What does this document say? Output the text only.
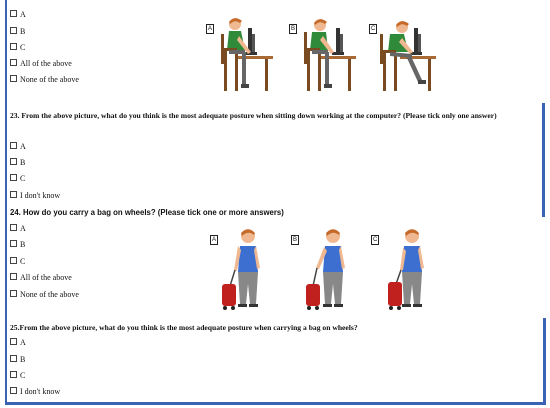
A
B
C
All of the above
None of the above
A	B	C
23. From the above picture, what do you think is the most adequate posture when sitting down working at the computer? (Please tick only one answer)
A
B
C
I don't know
24. How do you carry a bag on wheels? (Please tick one or more answers)
A
B
C
All of the above
None of the above
A	B	C
25.From the above picture, what do you think is the most adequate posture when carrying a bag on wheels?
A
B
C
I don't know
